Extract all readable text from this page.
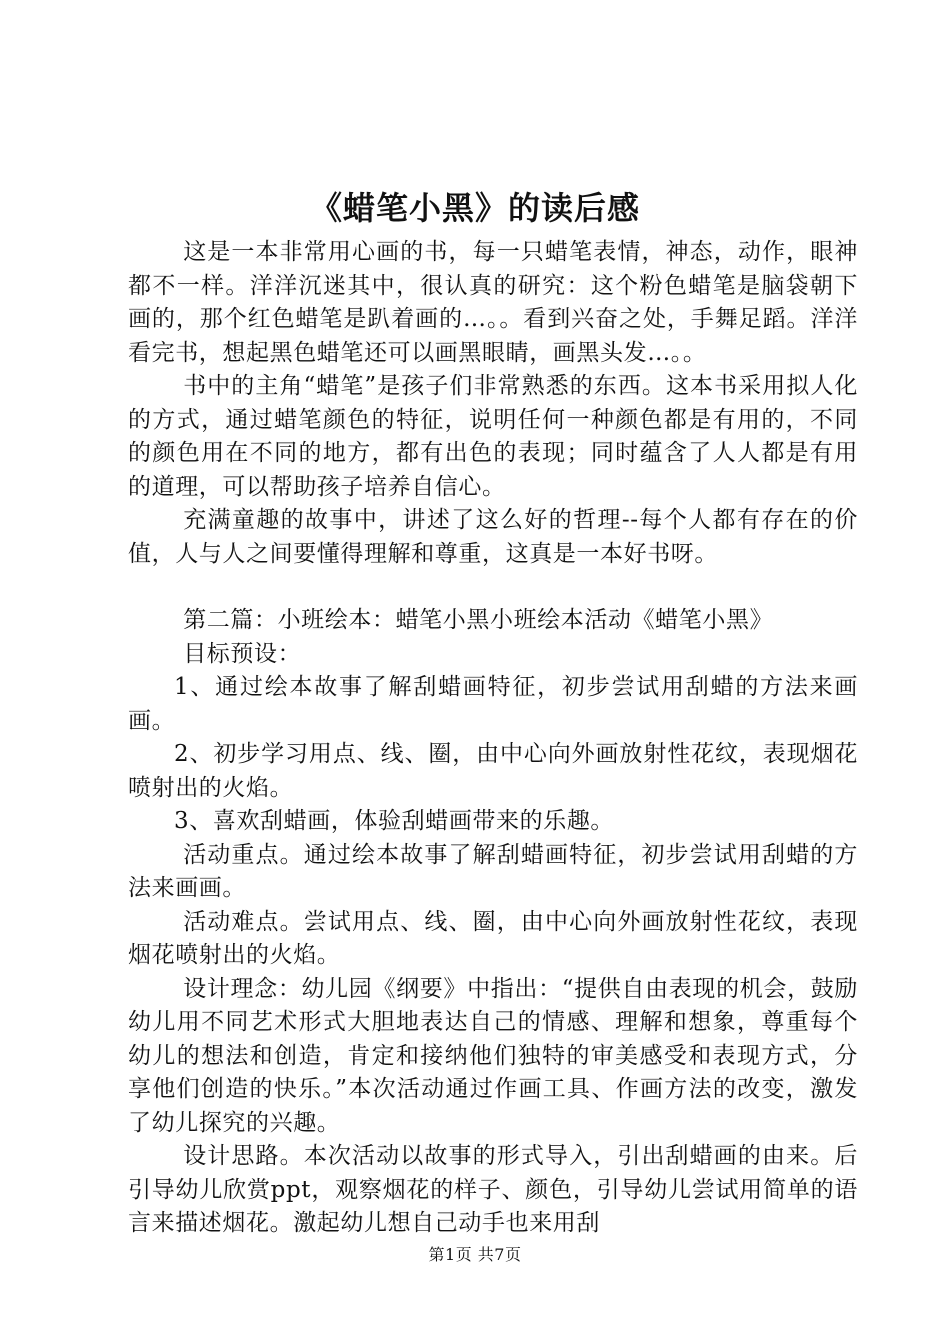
《蜡笔小黑》的读后感

这是一本非常用心画的书，每一只蜡笔表情，神态，动作，眼神都不一样。洋洋沉迷其中，很认真的研究：这个粉色蜡笔是脑袋朝下画的，那个红色蜡笔是趴着画的…。。看到兴奋之处，手舞足蹈。洋洋看完书，想起黑色蜡笔还可以画黑眼睛，画黑头发…。。

书中的主角“蜡笔”是孩子们非常熟悉的东西。这本书采用拟人化的方式，通过蜡笔颜色的特征，说明任何一种颜色都是有用的，不同的颜色用在不同的地方，都有出色的表现；同时蕴含了人人都是有用的道理，可以帮助孩子培养自信心。

充满童趣的故事中，讲述了这么好的哲理--每个人都有存在的价值，人与人之间要懂得理解和尊重，这真是一本好书呀。

第二篇：小班绘本：蜡笔小黑小班绘本活动《蜡笔小黑》

目标预设：

1、通过绘本故事了解刮蜡画特征，初步尝试用刮蜡的方法来画画。

2、初步学习用点、线、圈，由中心向外画放射性花纹，表现烟花喷射出的火焰。

3、喜欢刮蜡画，体验刮蜡画带来的乐趣。

活动重点。通过绘本故事了解刮蜡画特征，初步尝试用刮蜡的方法来画画。

活动难点。尝试用点、线、圈，由中心向外画放射性花纹，表现烟花喷射出的火焰。

设计理念：幼儿园《纲要》中指出：“提供自由表现的机会，鼓励幼儿用不同艺术形式大胆地表达自己的情感、理解和想象，尊重每个幼儿的想法和创造，肯定和接纳他们独特的审美感受和表现方式，分享他们创造的快乐。”本次活动通过作画工具、作画方法的改变，激发了幼儿探究的兴趣。

设计思路。本次活动以故事的形式导入，引出刮蜡画的由来。后引导幼儿欣赏ppt，观察烟花的样子、颜色，引导幼儿尝试用简单的语言来描述烟花。激起幼儿想自己动手也来用刮

第1页 共7页
